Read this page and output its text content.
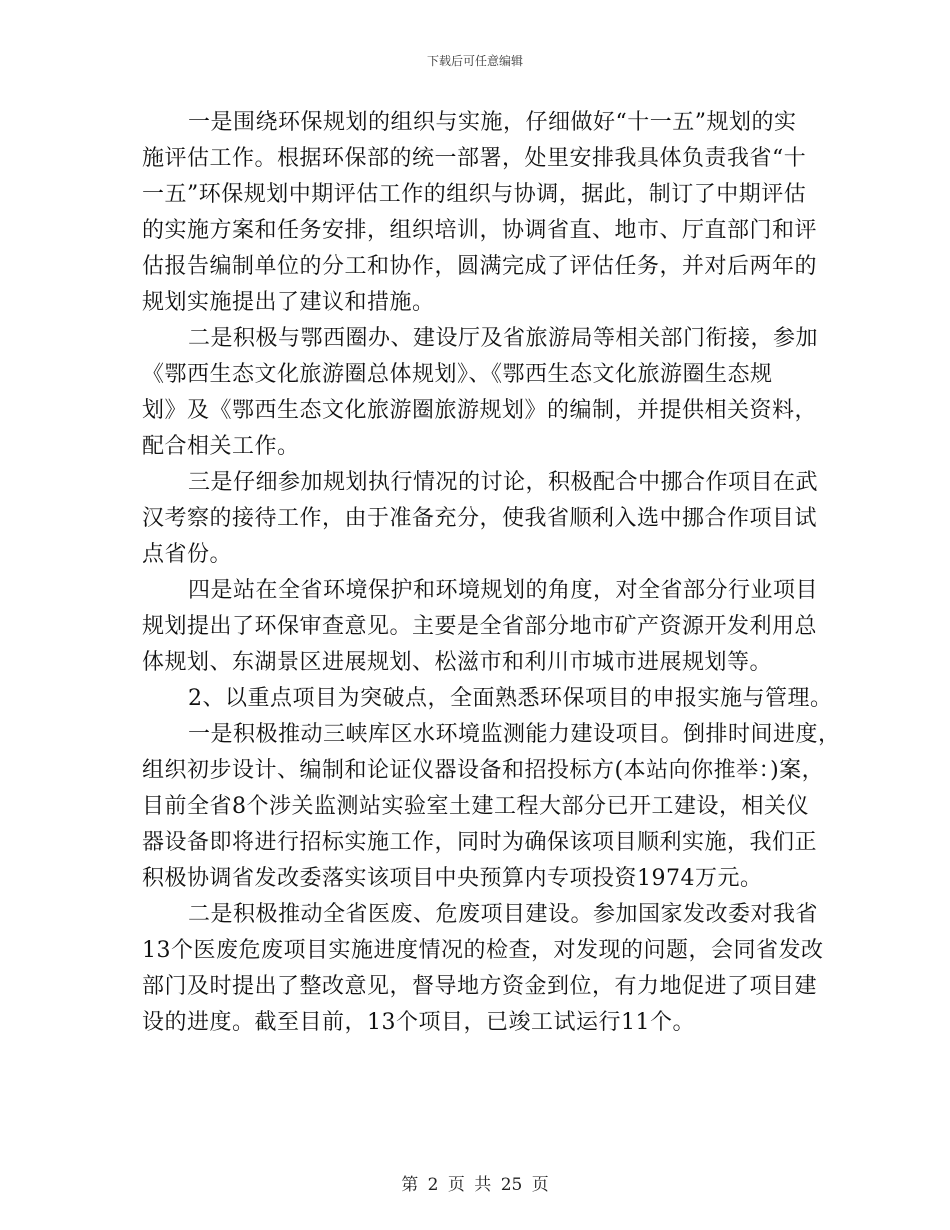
下载后可任意编辑
一是围绕环保规划的组织与实施，仔细做好“十一五”规划的实
施评估工作。根据环保部的统一部署，处里安排我具体负责我省“十
一五”环保规划中期评估工作的组织与协调，据此，制订了中期评估
的实施方案和任务安排，组织培训，协调省直、地市、厅直部门和评
估报告编制单位的分工和协作，圆满完成了评估任务，并对后两年的
规划实施提出了建议和措施。
二是积极与鄂西圈办、建设厅及省旅游局等相关部门衔接，参加
《鄂西生态文化旅游圈总体规划》、《鄂西生态文化旅游圈生态规
划》及《鄂西生态文化旅游圈旅游规划》的编制，并提供相关资料，
配合相关工作。
三是仔细参加规划执行情况的讨论，积极配合中挪合作项目在武
汉考察的接待工作，由于准备充分，使我省顺利入选中挪合作项目试
点省份。
四是站在全省环境保护和环境规划的角度，对全省部分行业项目
规划提出了环保审查意见。主要是全省部分地市矿产资源开发利用总
体规划、东湖景区进展规划、松滋市和利川市城市进展规划等。
2、以重点项目为突破点，全面熟悉环保项目的申报实施与管理。
一是积极推动三峡库区水环境监测能力建设项目。倒排时间进度，
组织初步设计、编制和论证仪器设备和招投标方(本站向你推举：)案，
目前全省8个涉关监测站实验室土建工程大部分已开工建设，相关仪
器设备即将进行招标实施工作，同时为确保该项目顺利实施，我们正
积极协调省发改委落实该项目中央预算内专项投资1974万元。
二是积极推动全省医废、危废项目建设。参加国家发改委对我省
13个医废危废项目实施进度情况的检查，对发现的问题，会同省发改
部门及时提出了整改意见，督导地方资金到位，有力地促进了项目建
设的进度。截至目前，13个项目，已竣工试运行11个。
第 2 页 共 25 页
